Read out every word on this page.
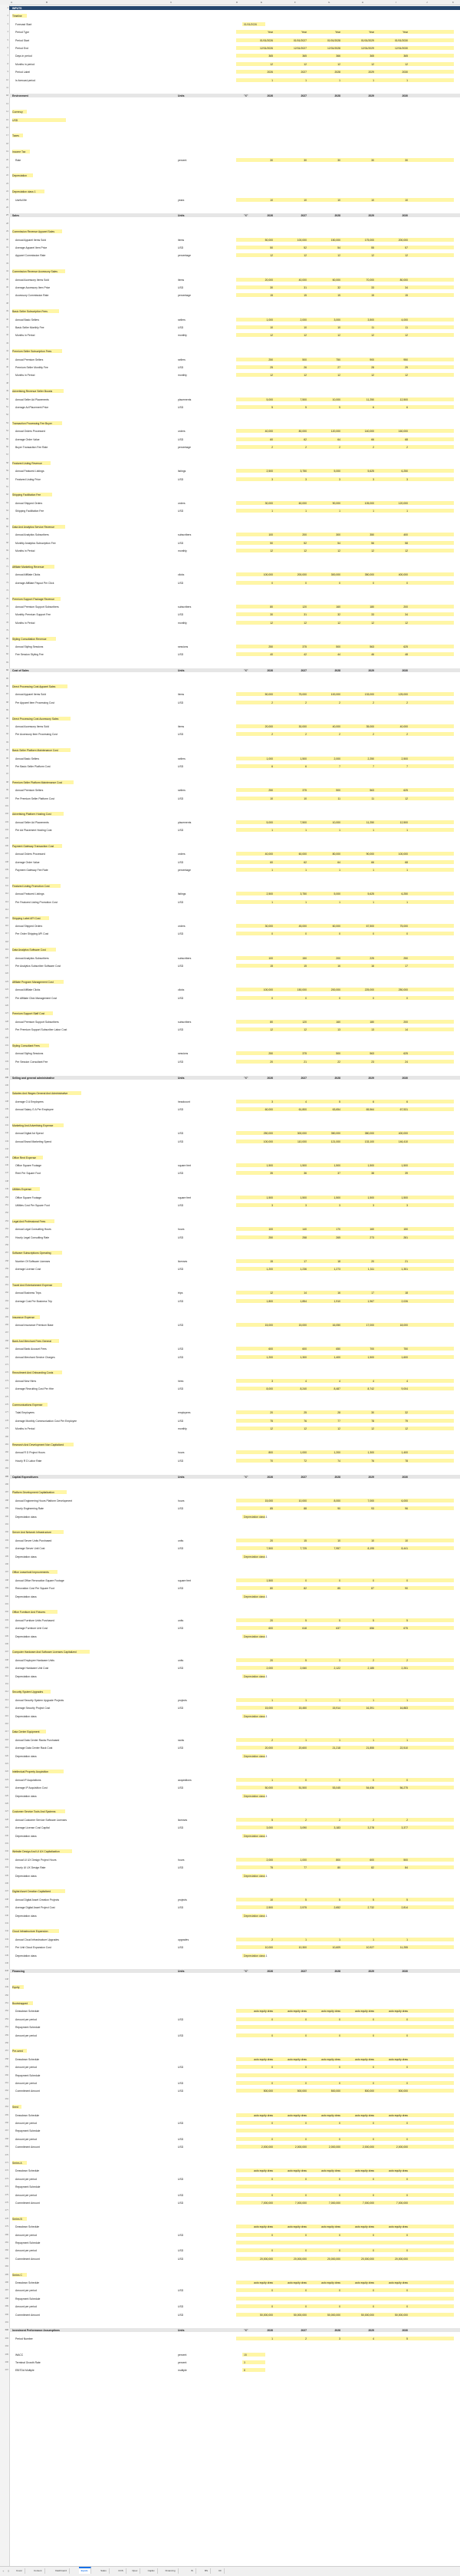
A	B	C	D	E	F	G	H	I	J	K
1 INPUTS
2 Timeline
3	Forecast Start	01/01/2026
4	Period Type	Year	Year	Year	Year	Year
5	Period Start	01/01/2026	01/01/2027	01/01/2028	01/01/2029	01/01/2030
6	Period End	12/31/2026	12/31/2027	12/31/2028	12/31/2029	12/31/2030
7	Days in period	365	365	366	365	365
8	Months in period	12	12	12	12	12
9	Period Label	2026	2027	2028	2029	2030
10	Is forecast period	1	1	1	1	1
11
12 Environment	Units	"X"	2026	2027	2028	2029	2030
13
14 Currency
15 USD
16
17 Taxes
18
19 Income Tax
20	Rate	percent	30	30	30	30	30
21
22 Depreciation
23
24 Depreciation class 1
25	Useful life	years	10	10	10	10	10
26
27 Sales	Units	"X"	2026	2027	2028	2029	2030
28
29 Commission Revenue Apparel Sales
30	Annual Apparel Items Sold	items	50,000	100,000	150,000	175,000	200,000
31	Average Apparel Item Price	USD	50	52	54	55	57
32	Apparel Commission Rate	percentage	12	12	12	12	12
33
34 Commission Revenue Accessory Sales
35	Annual Accessory Items Sold	items	20,000	40,000	60,000	70,000	80,000
36	Average Accessory Item Price	USD	30	31	32	33	34
37	Accessory Commission Rate	percentage	15	15	15	15	15
38
39 Basic Seller Subscription Fees
40	Annual Basic Sellers	sellers	1,000	2,000	3,000	3,500	4,000
41	Basic Seller Monthly Fee	USD	10	10	10	11	11
42	Months in Period	monthly	12	12	12	12	12
43
44 Premium Seller Subscription Fees
45	Annual Premium Sellers	sellers	250	500	750	900	950
46	Premium Seller Monthly Fee	USD	25	26	27	28	29
47	Months in Period	monthly	12	12	12	12	12
48
49 Advertising Revenue Seller Boosts
50	Annual Seller Ad Placements	placements	5,000	7,500	10,000	11,250	12,500
51	Average Ad Placement Price	USD	5	5	5	6	6
52
53 Transaction Processing Fee Buyer
54	Annual Orders Processed	orders	40,000	80,000	120,000	140,000	160,000
55	Average Order Value	USD	60	62	64	66	68
56	Buyer Transaction Fee Rate	percentage	2	2	2	2	2
57
58 Featured Listing Revenue
59	Annual Featured Listings	listings	2,500	3,750	5,000	5,625	6,250
60	Featured Listing Price	USD	3	3	3	3	3
61
62 Shipping Facilitation Fee
63	Annual Shipped Orders	orders	30,000	60,000	90,000	105,000	120,000
64	Shipping Facilitation Fee	USD	1	1	1	1	1
65
66 Data And Analytics Service Revenue
67	Annual Analytics Subscribers	subscribers	100	200	300	350	400
68	Monthly Analytics Subscription Fee	USD	50	52	54	56	58
69	Months in Period	monthly	12	12	12	12	12
70
71 Affiliate Marketing Revenue
72	Annual Affiliate Clicks	clicks	100,000	200,000	300,000	350,000	400,000
73	Average Affiliate Payout Per Click	USD	0	0	0	0	0
74
75 Premium Support Package Revenue
76	Annual Premium Support Subscribers	subscribers	80	120	160	180	200
77	Monthly Premium Support Fee	USD	30	31	32	33	34
78	Months in Period	monthly	12	12	12	12	12
79
80 Styling Consultation Revenue
81	Annual Styling Sessions	sessions	250	375	500	563	625
82	Fee Session Styling Fee	USD	40	42	44	46	48
83
84 Cost of Sales	Units	"X"	2026	2027	2028	2029	2030
85
86 Direct Processing Cost Apparel Sales
87	Annual Apparel Items Sold	items	50,000	75,000	100,000	133,000	125,000
88	Per Apparel Item Processing Cost	USD	2	2	2	2	2
89
90 Direct Processing Cost Accessory Sales
91	Annual Accessory Items Sold	items	20,000	30,000	40,000	35,000	40,000
92	Per Accessory Item Processing Cost	USD	2	2	2	2	2
93
94 Basic Seller Platform Maintenance Cost
95	Annual Basic Sellers	sellers	1,000	1,500	2,000	2,250	2,500
96	Per Basic Seller Platform Cost	USD	6	6	7	7	7
97
98 Premium Seller Platform Maintenance Cost
99	Annual Premium Sellers	sellers	250	375	500	563	625
100	Per Premium Seller Platform Cost	USD	10	10	11	11	12
101
102 Advertising Platform Hosting Cost
103	Annual Seller Ad Placements	placements	5,000	7,500	10,000	11,250	12,500
104	Per Ad Placement Hosting Cost	USD	1	1	1	1	1
105
106 Payment Gateway Transaction Cost
107	Annual Orders Processed	orders	40,000	60,000	80,000	90,000	100,000
108	Average Order Value	USD	60	62	64	66	68
109	Payment Gateway Fee Rate	percentage	1	1	1	1	1
110
111 Featured Listing Promotion Cost
112	Annual Featured Listings	listings	2,500	3,750	5,000	5,625	6,250
113	Per Featured Listing Promotion Cost	USD	1	1	1	1	1
114
115 Shipping Label API Cost
116	Annual Shipped Orders	orders	30,000	45,000	60,000	67,500	75,000
117	Per Order Shipping API Cost	USD	0	0	0	0	0
118
119 Data Analytics Software Cost
120	Annual Analytics Subscribers	subscribers	100	150	200	225	250
121	Per Analytics Subscriber Software Cost	USD	15	15	16	16	17
122
123 Affiliate Program Management Cost
124	Annual Affiliate Clicks	clicks	100,000	150,000	200,000	225,000	250,000
125	Per Affiliate Click Management Cost	USD	0	0	0	0	0
126
127 Premium Support Staff Cost
128	Annual Premium Support Subscribers	subscribers	80	120	160	180	200
129	Per Premium Support Subscriber Labor Cost	USD	12	12	13	13	14
130
131 Styling Consultant Fees
132	Annual Styling Sessions	sessions	250	375	500	563	625
133	Per Session Consultant Fee	USD	20	21	22	23	24
134
135 Selling and general administrative	Units	"X"	2026	2027	2028	2029	2030
136
137 Salaries And Wages General And Administrative
138	Average G A Employees	headcount	3	4	5	6	6
139	Annual Salary G A Per Employee	USD	60,000	61,800	63,654	65,564	67,531
140
141 Marketing And Advertising Expense
142	Annual Digital Ad Spend	USD	250,000	300,000	350,000	380,000	400,000
143	Annual Brand Marketing Spend	USD	100,000	110,000	121,000	133,100	146,410
144
145 Office Rent Expense
146	Office Square Footage	square feet	1,500	1,500	1,500	1,500	1,500
147	Rent Per Square Foot	USD	35	36	37	38	39
148
149 Utilities Expense
150	Office Square Footage	square feet	1,500	1,500	1,500	1,500	1,500
151	Utilities Cost Per Square Foot	USD	3	3	3	3	3
152
153 Legal And Professional Fees
154	Annual Legal Consulting Hours	hours	100	140	170	160	150
155	Hourly Legal Consulting Rate	USD	250	258	265	273	281
156
157 Software Subscriptions Operating
158	Number Of Software Licenses	licenses	15	17	18	20	21
159	Average License Cost	USD	1,200	1,236	1,273	1,311	1,351
160
161 Travel And Entertainment Expense
162	Annual Business Trips	trips	12	14	16	17	18
163	Average Cost Per Business Trip	USD	1,800	1,854	1,910	1,967	2,026
164
165 Insurance Expense
166	Annual Insurance Premium Base	USD	15,000	15,000	16,050	17,000	18,000
167
168 Bank And Merchant Fees General
169	Annual Bank Account Fees	USD	600	600	650	700	750
170	Annual Merchant Service Charges	USD	1,200	1,300	1,400	1,500	1,600
171
172 Recruitment And Onboarding Costs
173	Annual New Hires	hires	3	4	4	4	4
174	Average Recruiting Cost Per Hire	USD	8,000	8,240	8,487	8,742	9,004
175
176 Communications Expense
177	Total Employees	employees	20	25	28	30	32
178	Average Monthly Communication Cost Per Employee	USD	75	76	77	78	79
179	Months in Period	monthly	12	12	12	12	12
180
181 Research And Development Non Capitalized
182	Annual R D Project Hours	hours	800	1,000	1,200	1,300	1,400
183	Hourly R D Labor Rate	USD	70	72	74	76	78
184
185 Capital Expenditures	Units	"X"	2026	2027	2028	2029	2030
186
187 Platform Development Capitalization
188	Annual Engineering Hours Platform Development	hours	15,000	10,000	8,000	7,000	6,000
189	Hourly Engineering Rate	USD	85	88	90	93	96
190	Depreciation class	Depreciation class 1
191
192 Server And Network Infrastructure
193	Annual Server Units Purchased	units	20	15	10	10	10
194	Average Server Unit Cost	USD	7,500	7,725	7,957	8,195	8,441
195	Depreciation class	Depreciation class 1
196
197 Office Leasehold Improvements
198	Annual Office Renovation Square Footage	square feet	1,500	0	0	0	0
199	Renovation Cost Per Square Foot	USD	80	82	85	87	90
200	Depreciation class	Depreciation class 1
201
202 Office Furniture And Fixtures
203	Annual Furniture Units Purchased	units	20	5	5	5	5
204	Average Furniture Unit Cost	USD	600	618	637	656	675
205	Depreciation class	Depreciation class 1
206
207 Computer Hardware And Software Licenses Capitalized
208	Annual Employee Hardware Units	units	20	5	3	2	2
209	Average Hardware Unit Cost	USD	2,000	2,060	2,122	2,185	2,251
210	Depreciation class	Depreciation class 1
211
212 Security System Upgrades
213	Annual Security System Upgrade Projects	projects	1	1	1	1	1
214	Average Security Project Cost	USD	15,000	15,450	15,914	16,391	16,883
215	Depreciation class	Depreciation class 1
216
217 Data Center Equipment
218	Annual Data Center Racks Purchased	racks	2	1	1	1	1
219	Average Data Center Rack Cost	USD	20,000	20,600	21,218	21,855	22,510
220	Depreciation class	Depreciation class 1
221
222 Intellectual Property Acquisition
223	Annual IP Acquisitions	acquisitions	1	0	0	0	0
224	Average IP Acquisition Cost	USD	50,000	51,500	53,045	54,636	56,275
225	Depreciation class	Depreciation class 1
226
227 Customer Service Tools And Systems
228	Annual Customer Service Software Licenses	licenses	5	2	2	2	2
229	Average License Cost Capital	USD	3,000	3,090	3,183	3,278	3,377
230	Depreciation class	Depreciation class 1
231
232 Website Design And UI UX Capitalization
233	Annual UI UX Design Project Hours	hours	2,000	1,000	800	600	500
234	Hourly UI UX Design Rate	USD	75	77	80	82	84
235	Depreciation class	Depreciation class 1
236
237 Digital Asset Creation Capitalized
238	Annual Digital Asset Creation Projects	projects	10	5	5	5	5
239	Average Digital Asset Project Cost	USD	2,500	2,575	2,652	2,732	2,814
240	Depreciation class	Depreciation class 1
241
242 Cloud Infrastructure Expansion
243	Annual Cloud Infrastructure Upgrades	upgrades	2	1	1	1	1
244	Per Unit Cloud Expansion Cost	USD	10,000	10,300	10,609	10,927	11,255
245	Depreciation class	Depreciation class 1
246
247 Financing	Units	"X"	2026	2027	2028	2029	2030
248
249 Equity
250
251 Bootstrapped
252	Drawdown Schedule	auto equity draw	auto equity draw	auto equity draw	auto equity draw	auto equity draw
253	Amount per period	USD	0	0	0	0	0
254	Repayment Schedule
255	Amount per period	USD	0	0	0	0	0
256
257 Pre-seed
258	Drawdown Schedule	auto equity draw	auto equity draw	auto equity draw	auto equity draw	auto equity draw
259	Amount per period	USD	0	0	0	0	0
260	Repayment Schedule
261	Amount per period	USD	0	0	0	0	0
262	Commitment Amount	USD	500,000	500,000	500,000	500,000	500,000
263
264 Seed
265	Drawdown Schedule	auto equity draw	auto equity draw	auto equity draw	auto equity draw	auto equity draw
266	Amount per period	USD	0	0	0	0	0
267	Repayment Schedule
268	Amount per period	USD	0	0	0	0	0
269	Commitment Amount	USD	2,000,000	2,000,000	2,000,000	2,000,000	2,000,000
270
271 Series A
272	Drawdown Schedule	auto equity draw	auto equity draw	auto equity draw	auto equity draw	auto equity draw
273	Amount per period	USD	0	0	0	0	0
274	Repayment Schedule
275	Amount per period	USD	0	0	0	0	0
276	Commitment Amount	USD	7,000,000	7,000,000	7,000,000	7,000,000	7,000,000
277
278 Series B
279	Drawdown Schedule	auto equity draw	auto equity draw	auto equity draw	auto equity draw	auto equity draw
280	Amount per period	USD	0	0	0	0	0
281	Repayment Schedule
282	Amount per period	USD	0	0	0	0	0
283	Commitment Amount	USD	20,000,000	20,000,000	20,000,000	20,000,000	20,000,000
284
285 Series C
286	Drawdown Schedule	auto equity draw	auto equity draw	auto equity draw	auto equity draw	auto equity draw
287	Amount per period	USD	0	0	0	0	0
288	Repayment Schedule
289	Amount per period	USD	0	0	0	0	0
290	Commitment Amount	USD	50,000,000	50,000,000	50,000,000	50,000,000	50,000,000
291
292 Investment Performance Assumptions	Units	"X"	2026	2027	2028	2029	2030
293	Period Number	1	2	3	4	5
294
295	WACC	percent	15
296	Terminal Growth Rate	percent	3
297	EBITDA Multiple	multiple	8
+ ≡	Cover	Content	Dashboard	Inputs	Sales	COS	Opex	CapEx	Financing	IS	BS	CF
